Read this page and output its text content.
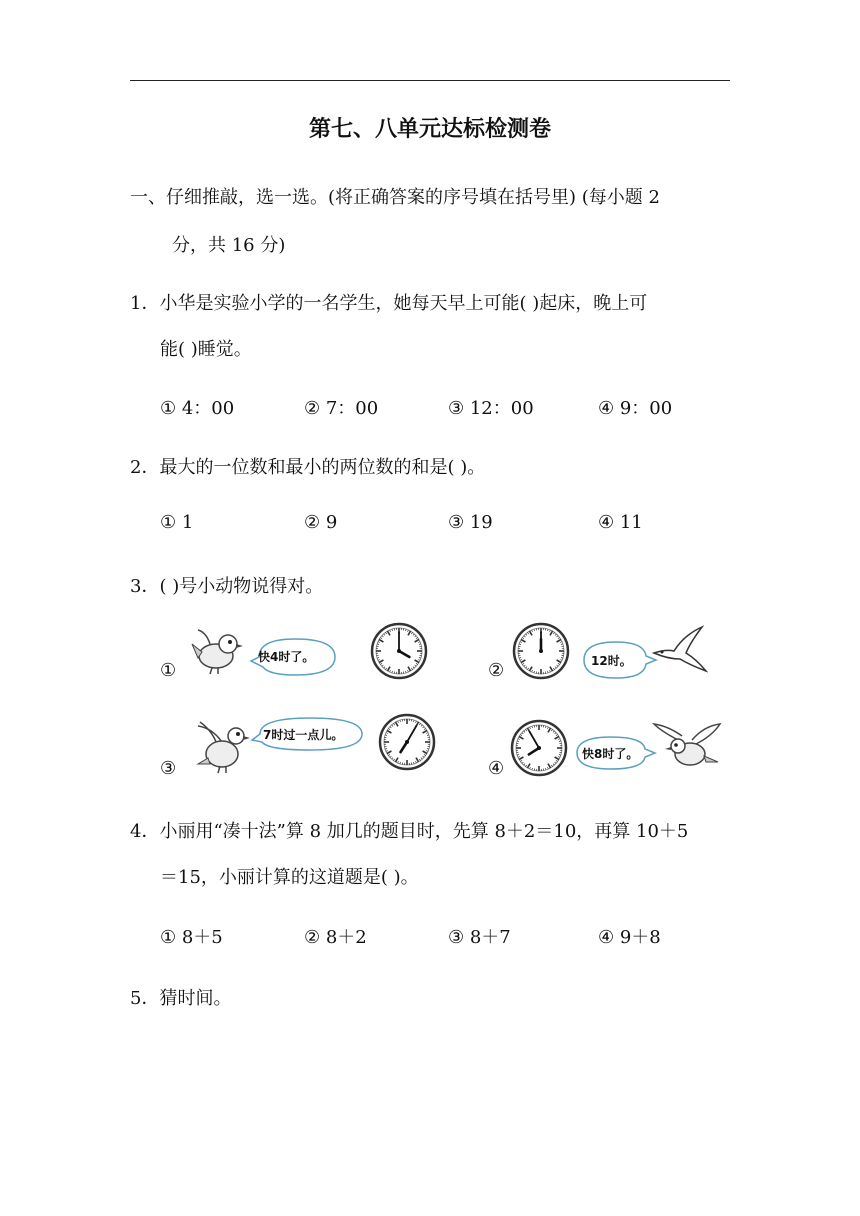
第七、八单元达标检测卷
一、仔细推敲，选一选。(将正确答案的序号填在括号里) (每小题 2
分，共 16 分)
1．小华是实验小学的一名学生，她每天早上可能( )起床，晚上可
能( )睡觉。
① 4：00	② 7：00	③ 12：00	④ 9：00
2．最大的一位数和最小的两位数的和是( )。
① 1	② 9	③ 19	④ 11
3．( )号小动物说得对。
①
快4时了。
②	12时。
③
7时过一点儿。
④
快8时了。
4．小丽用“凑十法”算 8 加几的题目时，先算 8＋2＝10，再算 10＋5
＝15，小丽计算的这道题是( )。
① 8＋5	② 8＋2	③ 8＋7	④ 9＋8
5．猜时间。
